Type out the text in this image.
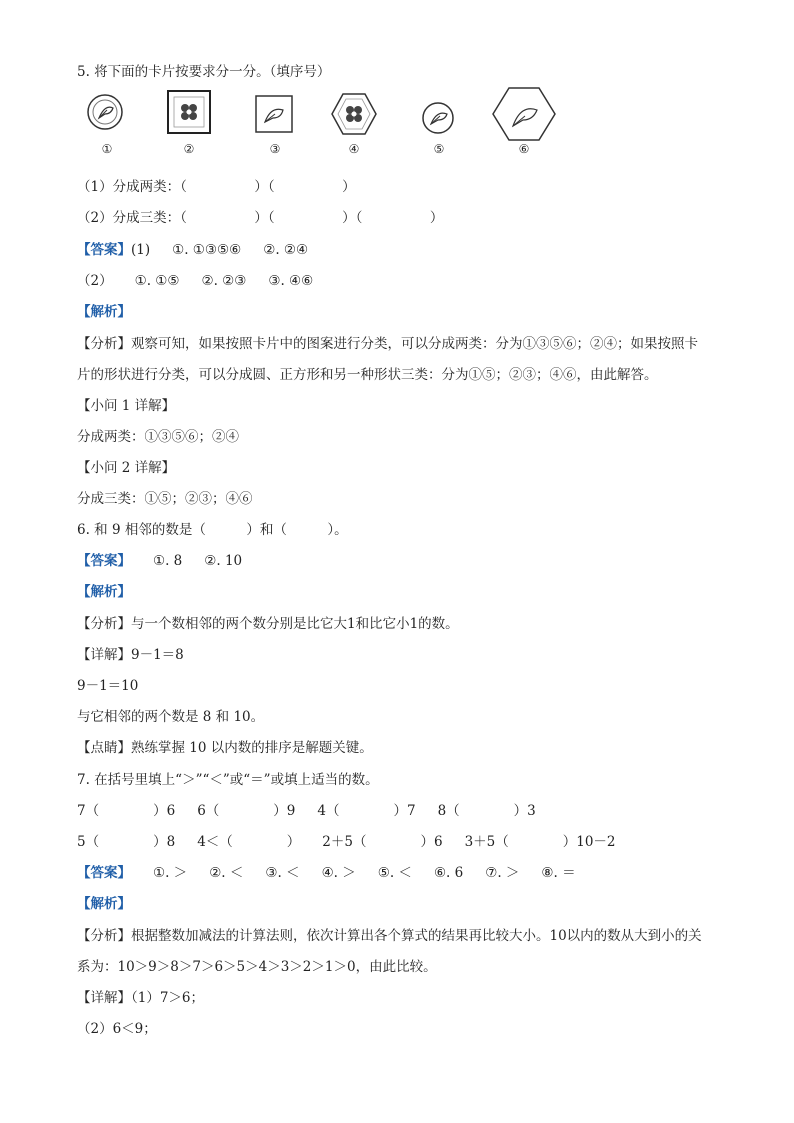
5. 将下面的卡片按要求分一分。（填序号）
①	②	③	④	⑤	⑥
（1）分成两类：（　　　　　）（　　　　　）
（2）分成三类：（　　　　　）（　　　　　）（　　　　　）
【答案】(1) ①. ①③⑤⑥ ②. ②④
（2） ①. ①⑤ ②. ②③ ③. ④⑥
【解析】
【分析】观察可知，如果按照卡片中的图案进行分类，可以分成两类：分为①③⑤⑥；②④；如果按照卡
片的形状进行分类，可以分成圆、正方形和另一种形状三类：分为①⑤；②③；④⑥，由此解答。
【小问 1 详解】
分成两类：①③⑤⑥；②④
【小问 2 详解】
分成三类：①⑤；②③；④⑥
6. 和 9 相邻的数是（　　　）和（　　　）。
【答案】 ①. 8 ②. 10
【解析】
【分析】与一个数相邻的两个数分别是比它大1和比它小1的数。
【详解】9－1＝8
9－1＝10
与它相邻的两个数是 8 和 10。
【点睛】熟练掌握 10 以内数的排序是解题关键。
7. 在括号里填上“＞”“＜”或“＝”或填上适当的数。
7（　　　　）6 6（　　　　）9 4（　　　　）7 8（　　　　）3
5（　　　　）8 4＜（　　　　） 2＋5（　　　　）6 3＋5（　　　　）10－2
【答案】 ①. ＞ ②. ＜ ③. ＜ ④. ＞ ⑤. ＜ ⑥. 6 ⑦. ＞ ⑧. ＝
【解析】
【分析】根据整数加减法的计算法则，依次计算出各个算式的结果再比较大小。10以内的数从大到小的关
系为：10＞9＞8＞7＞6＞5＞4＞3＞2＞1＞0，由此比较。
【详解】（1）7＞6；
（2）6＜9；
